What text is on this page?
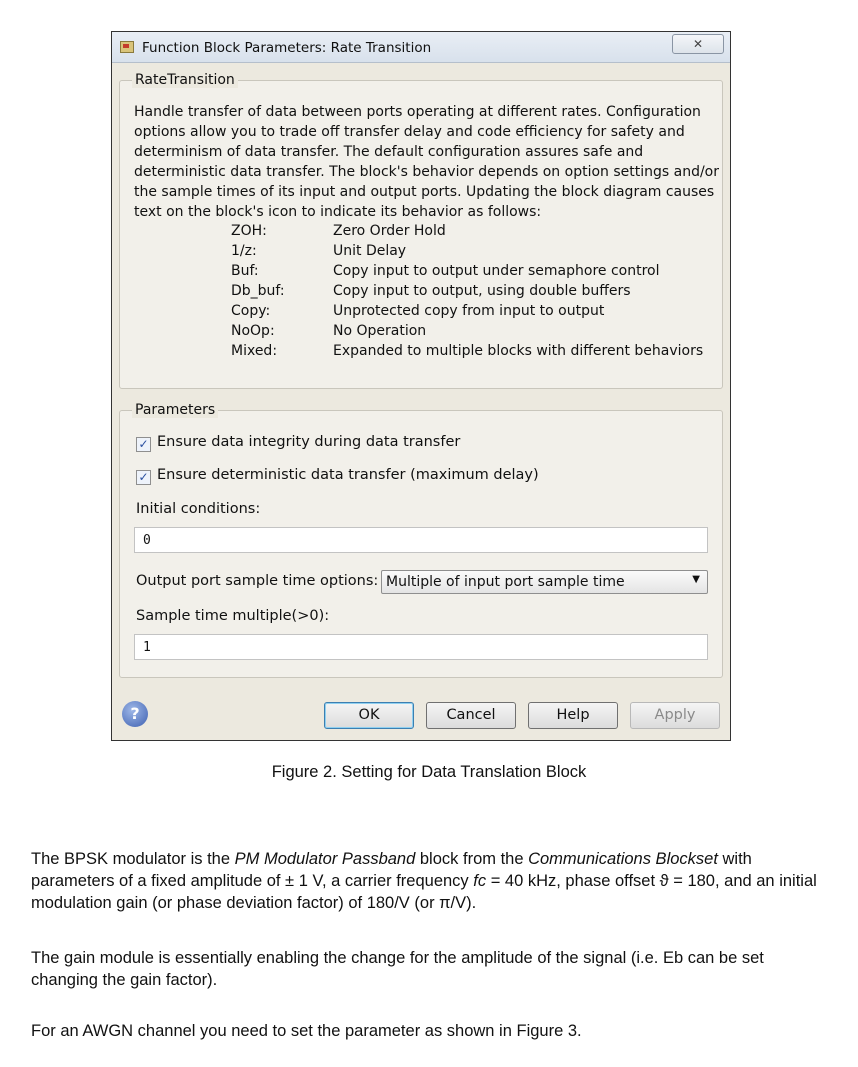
Function Block Parameters: Rate Transition	✕
RateTransition

Handle transfer of data between ports operating at different rates. Configuration options allow you to trade off transfer delay and code efficiency for safety and determinism of data transfer. The default configuration assures safe and deterministic data transfer. The block's behavior depends on option settings and/or the sample times of its input and output ports. Updating the block diagram causes text on the block's icon to indicate its behavior as follows:

ZOH:	Zero Order Hold
1/z:	Unit Delay
Buf:	Copy input to output under semaphore control
Db_buf:	Copy input to output, using double buffers
Copy:	Unprotected copy from input to output
NoOp:	No Operation
Mixed:	Expanded to multiple blocks with different behaviors
Parameters
✓ Ensure data integrity during data transfer
✓ Ensure deterministic data transfer (maximum delay)
Initial conditions:
0
Output port sample time options: Multiple of input port sample time	▼
Sample time multiple(>0):
1
?	OK	Cancel	Help	Apply
Figure 2. Setting for Data Translation Block

The BPSK modulator is the PM Modulator Passband block from the Communications Blockset with parameters of a fixed amplitude of ± 1 V, a carrier frequency fc = 40 kHz, phase offset ϑ = 180, and an initial modulation gain (or phase deviation factor) of 180/V (or π/V).

The gain module is essentially enabling the change for the amplitude of the signal (i.e. Eb can be set changing the gain factor).

For an AWGN channel you need to set the parameter as shown in Figure 3.
